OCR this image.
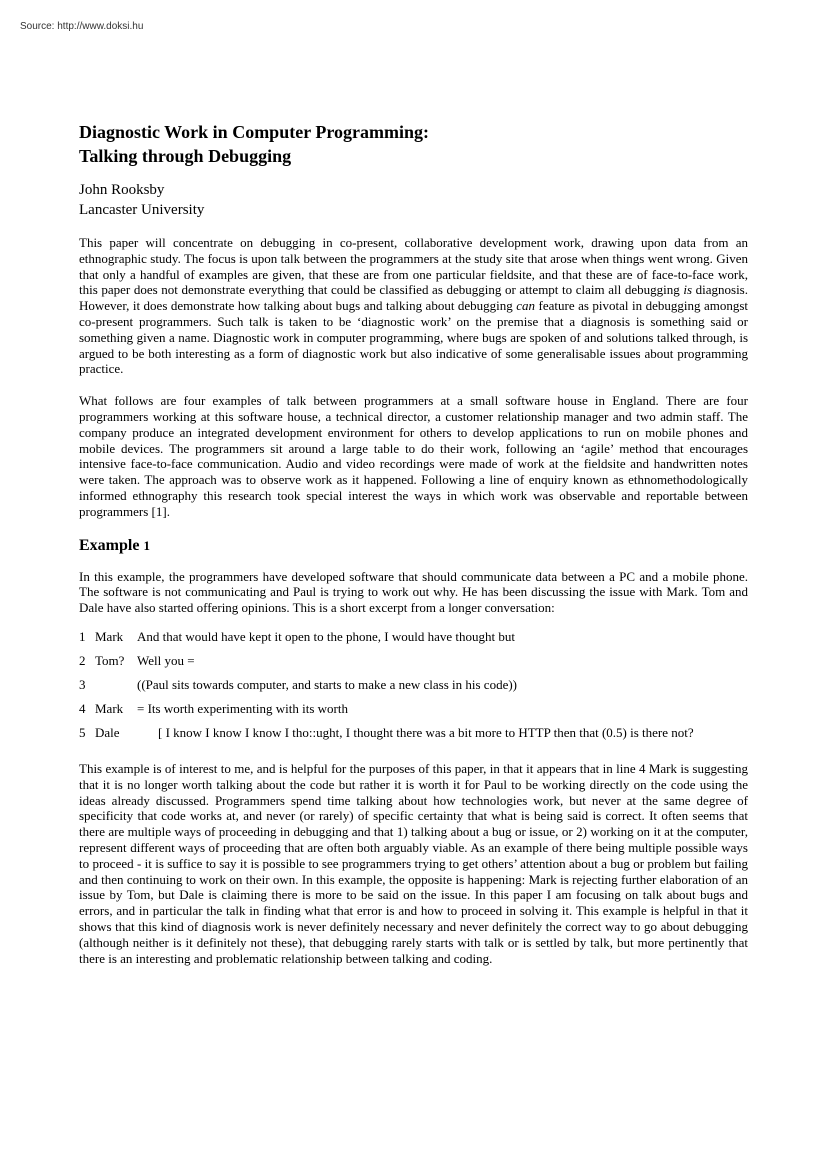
Source: http://www.doksi.hu
Diagnostic Work in Computer Programming:
Talking through Debugging
John Rooksby
Lancaster University

This paper will concentrate on debugging in co-present, collaborative development work, drawing upon data from an ethnographic study. The focus is upon talk between the programmers at the study site that arose when things went wrong. Given that only a handful of examples are given, that these are from one particular fieldsite, and that these are of face-to-face work, this paper does not demonstrate everything that could be classified as debugging or attempt to claim all debugging is diagnosis. However, it does demonstrate how talking about bugs and talking about debugging can feature as pivotal in debugging amongst co-present programmers. Such talk is taken to be ‘diagnostic work’ on the premise that a diagnosis is something said or something given a name. Diagnostic work in computer programming, where bugs are spoken of and solutions talked through, is argued to be both interesting as a form of diagnostic work but also indicative of some generalisable issues about programming practice.

What follows are four examples of talk between programmers at a small software house in England. There are four programmers working at this software house, a technical director, a customer relationship manager and two admin staff. The company produce an integrated development environment for others to develop applications to run on mobile phones and mobile devices. The programmers sit around a large table to do their work, following an ‘agile’ method that encourages intensive face-to-face communication. Audio and video recordings were made of work at the fieldsite and handwritten notes were taken. The approach was to observe work as it happened. Following a line of enquiry known as ethnomethodologically informed ethnography this research took special interest the ways in which work was observable and reportable between programmers [1].

Example 1

In this example, the programmers have developed software that should communicate data between a PC and a mobile phone. The software is not communicating and Paul is trying to work out why. He has been discussing the issue with Mark. Tom and Dale have also started offering opinions. This is a short excerpt from a longer conversation:

1 Mark And that would have kept it open to the phone, I would have thought but
2 Tom? Well you =
3	((Paul sits towards computer, and starts to make a new class in his code))
4 Mark = Its worth experimenting with its worth
5 Dale	[ I know I know I know I tho::ught, I thought there was a bit more to HTTP then that (0.5) is there not?

This example is of interest to me, and is helpful for the purposes of this paper, in that it appears that in line 4 Mark is suggesting that it is no longer worth talking about the code but rather it is worth it for Paul to be working directly on the code using the ideas already discussed. Programmers spend time talking about how technologies work, but never at the same degree of specificity that code works at, and never (or rarely) of specific certainty that what is being said is correct. It often seems that there are multiple ways of proceeding in debugging and that 1) talking about a bug or issue, or 2) working on it at the computer, represent different ways of proceeding that are often both arguably viable. As an example of there being multiple possible ways to proceed - it is suffice to say it is possible to see programmers trying to get others’ attention about a bug or problem but failing and then continuing to work on their own. In this example, the opposite is happening: Mark is rejecting further elaboration of an issue by Tom, but Dale is claiming there is more to be said on the issue. In this paper I am focusing on talk about bugs and errors, and in particular the talk in finding what that error is and how to proceed in solving it. This example is helpful in that it shows that this kind of diagnosis work is never definitely necessary and never definitely the correct way to go about debugging (although neither is it definitely not these), that debugging rarely starts with talk or is settled by talk, but more pertinently that there is an interesting and problematic relationship between talking and coding.
